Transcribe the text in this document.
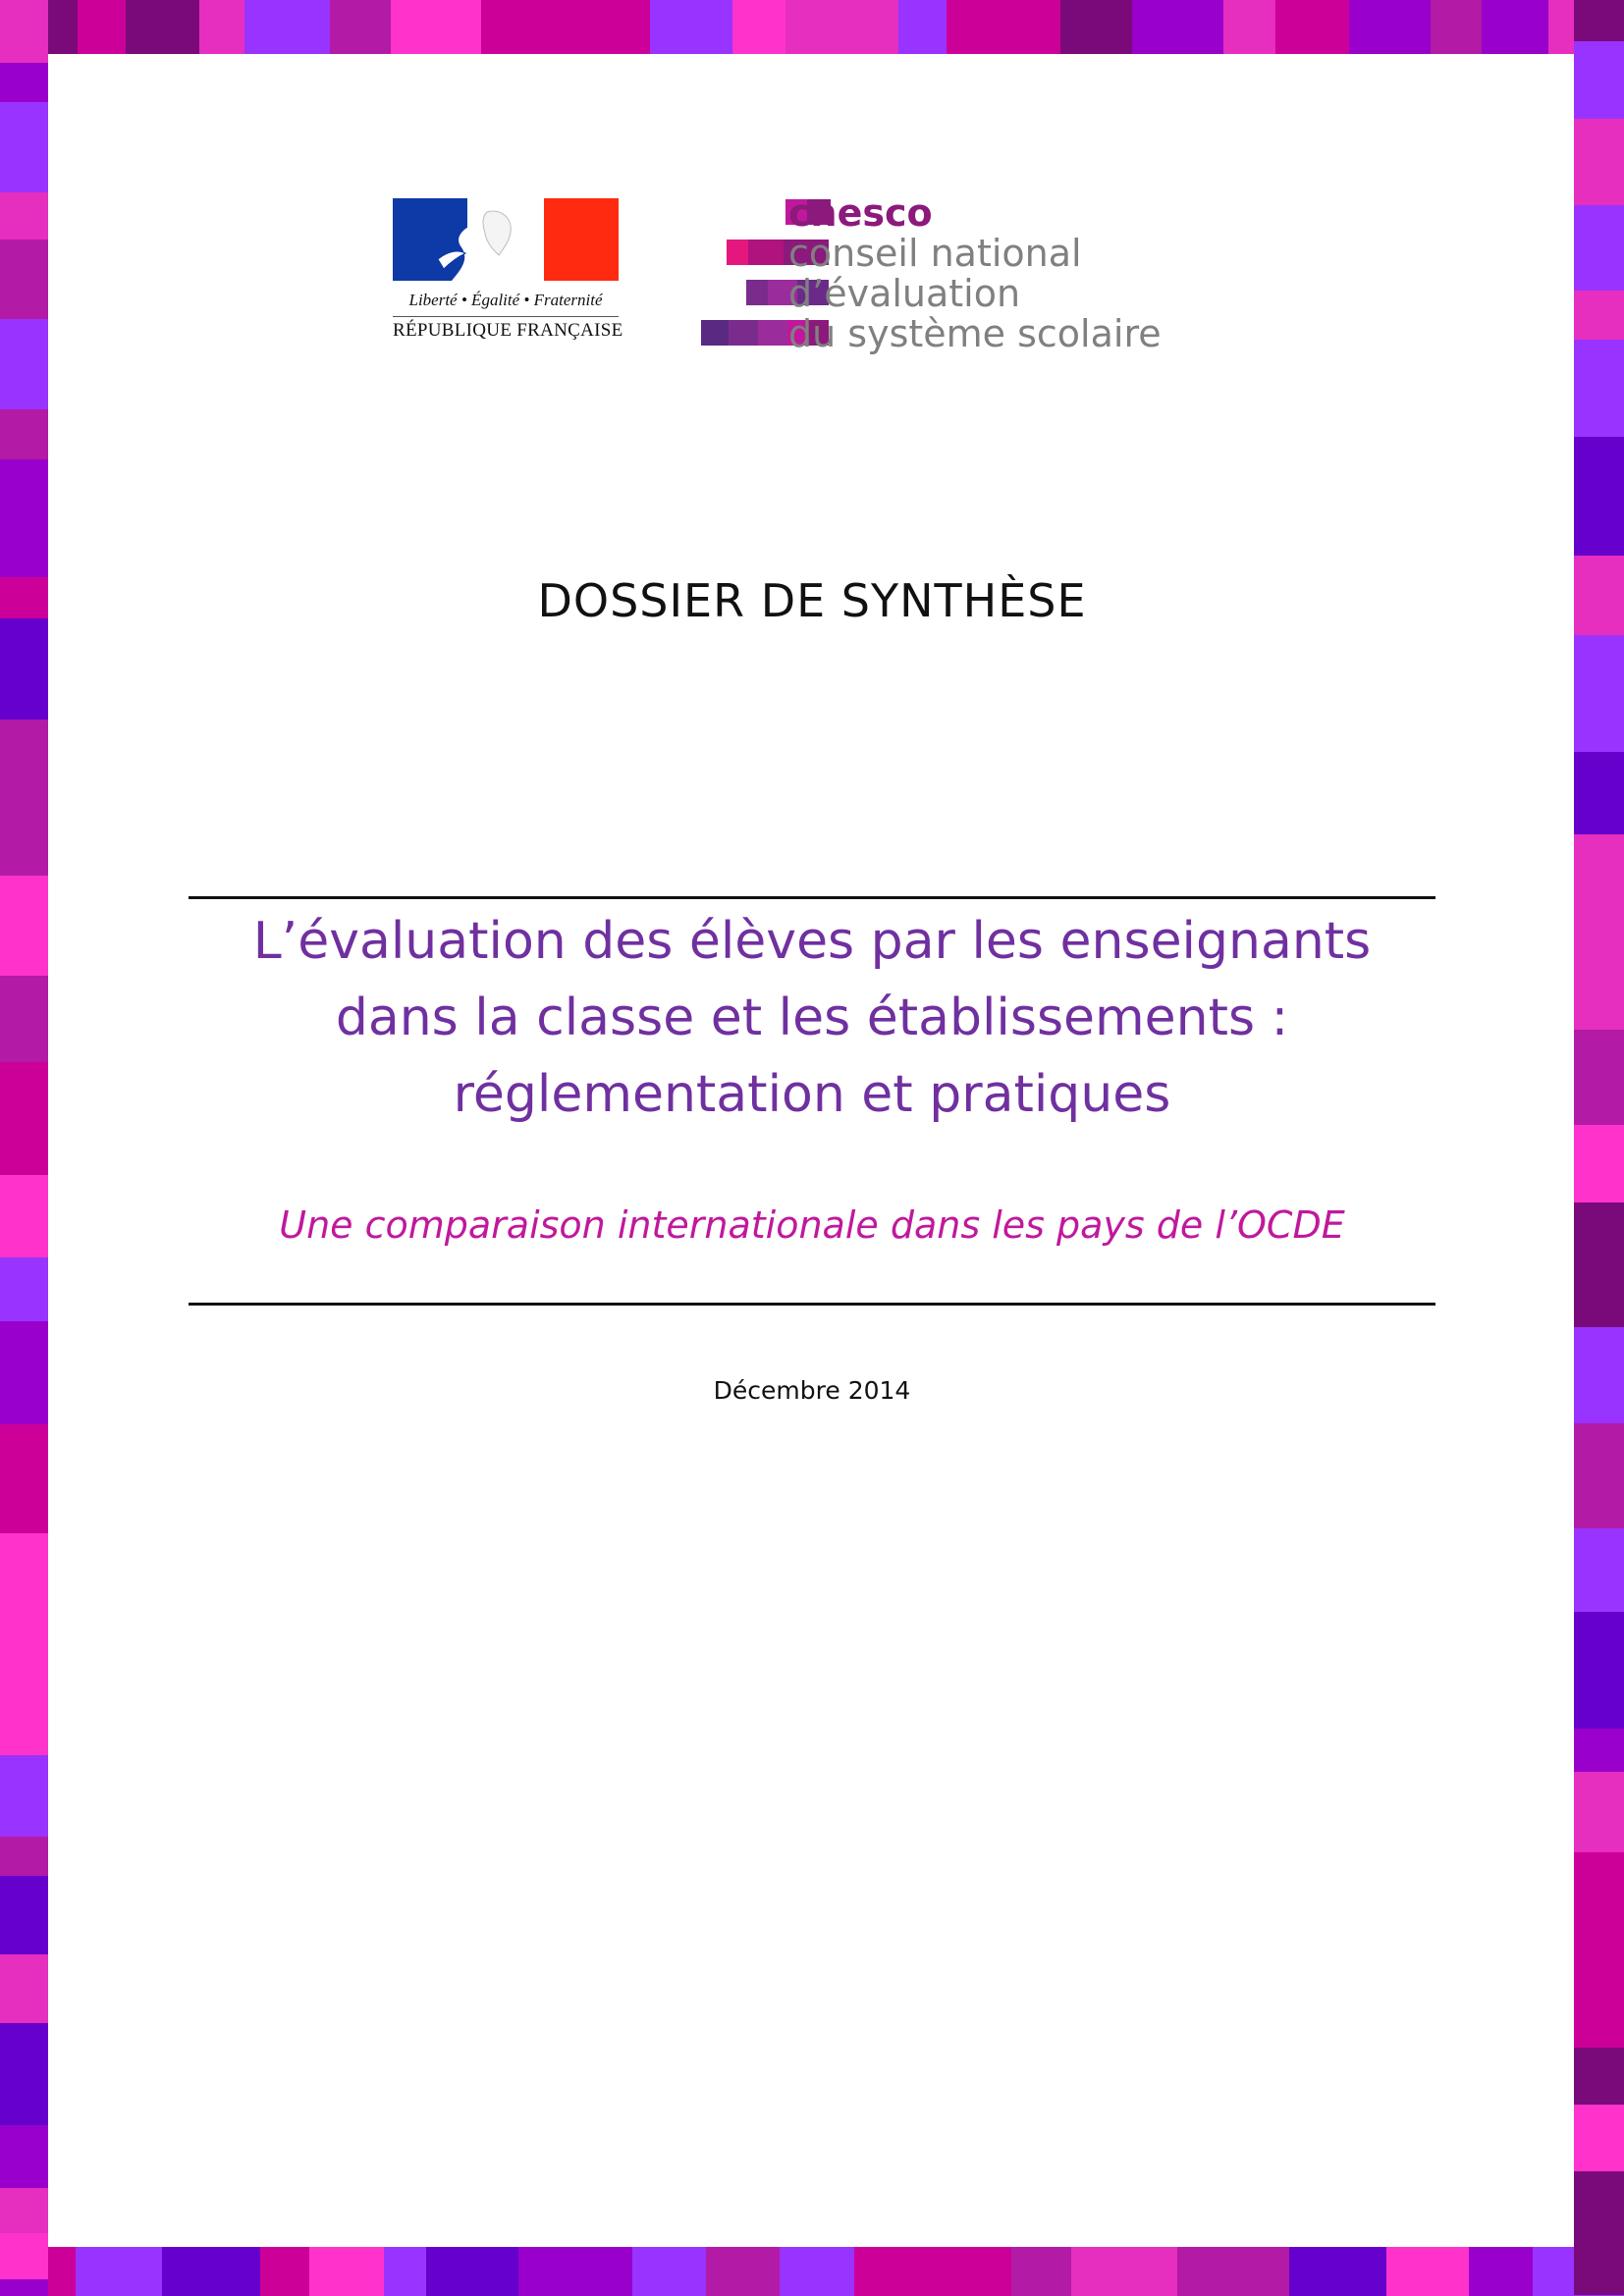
Liberté • Égalité • Fraternité
RÉPUBLIQUE FRANÇAISE
cnesco
conseil national
d’évaluation
du système scolaire
DOSSIER DE SYNTHÈSE
L’évaluation des élèves par les enseignants
dans la classe et les établissements :
réglementation et pratiques
Une comparaison internationale dans les pays de l’OCDE
Décembre 2014
